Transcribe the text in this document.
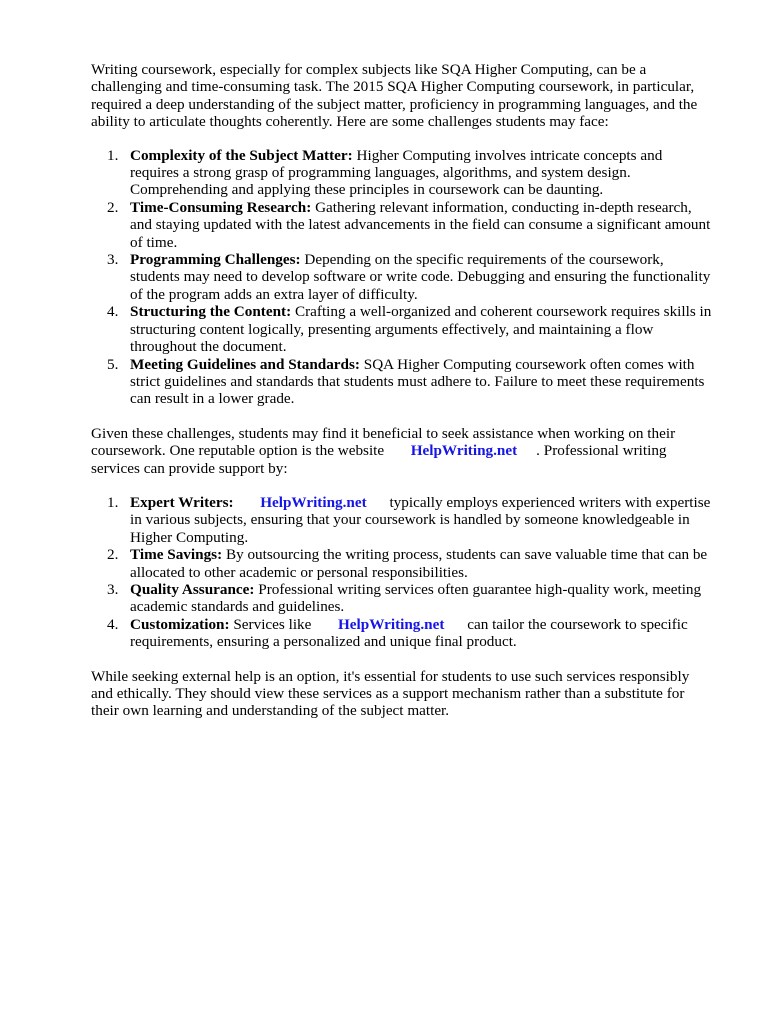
Writing coursework, especially for complex subjects like SQA Higher Computing, can be a challenging and time-consuming task. The 2015 SQA Higher Computing coursework, in particular, required a deep understanding of the subject matter, proficiency in programming languages, and the ability to articulate thoughts coherently. Here are some challenges students may face:

1. Complexity of the Subject Matter: Higher Computing involves intricate concepts and requires a strong grasp of programming languages, algorithms, and system design. Comprehending and applying these principles in coursework can be daunting.
2. Time-Consuming Research: Gathering relevant information, conducting in-depth research, and staying updated with the latest advancements in the field can consume a significant amount of time.
3. Programming Challenges: Depending on the specific requirements of the coursework, students may need to develop software or write code. Debugging and ensuring the functionality of the program adds an extra layer of difficulty.
4. Structuring the Content: Crafting a well-organized and coherent coursework requires skills in structuring content logically, presenting arguments effectively, and maintaining a flow throughout the document.
5. Meeting Guidelines and Standards: SQA Higher Computing coursework often comes with strict guidelines and standards that students must adhere to. Failure to meet these requirements can result in a lower grade.

Given these challenges, students may find it beneficial to seek assistance when working on their coursework. One reputable option is the website HelpWriting.net . Professional writing services can provide support by:

1. Expert Writers: HelpWriting.net typically employs experienced writers with expertise in various subjects, ensuring that your coursework is handled by someone knowledgeable in Higher Computing.
2. Time Savings: By outsourcing the writing process, students can save valuable time that can be allocated to other academic or personal responsibilities.
3. Quality Assurance: Professional writing services often guarantee high-quality work, meeting academic standards and guidelines.
4. Customization: Services like HelpWriting.net can tailor the coursework to specific requirements, ensuring a personalized and unique final product.

While seeking external help is an option, it's essential for students to use such services responsibly and ethically. They should view these services as a support mechanism rather than a substitute for their own learning and understanding of the subject matter.
